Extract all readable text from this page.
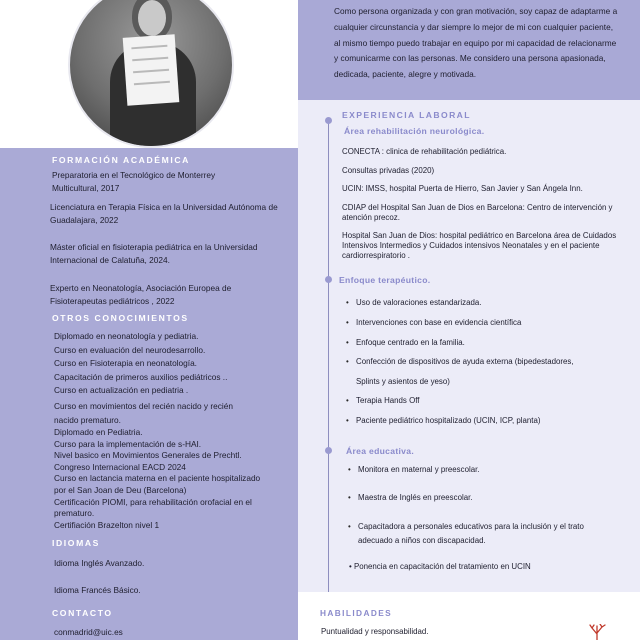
FORMACIÓN ACADÉMICA
Preparatoria en el Tecnológico de Monterrey Multicultural, 2017
Licenciatura en Terapia Física en la Universidad Autónoma de Guadalajara, 2022
Máster oficial en fisioterapia pediátrica en la Universidad Internacional de Calatuña, 2024.
Experto en Neonatología, Asociación Europea de Fisioterapeutas pediátricos , 2022
OTROS CONOCIMIENTOS
Diplomado en neonatología y pediatria.
Curso en evaluación del neurodesarrollo.
Curso en Fisioterapia en neonatología.
Capacitación de primeros auxilios pediátricos ..
Curso en actualización en pediatria .
Curso en movimientos del recién nacido y recién nacido prematuro.
Diplomado en Pediatria.
Curso para la implementación de s-HAI.
Nivel basico en Movimientos Generales de Prechtl.
Congreso Internacional EACD 2024
Curso en lactancia materna en el paciente hospitalizado por el San Joan de Deu (Barcelona)
Certificación PIOMI, para rehabilitación orofacial en el prematuro.
Certifiación Brazelton nivel 1
IDIOMAS
Idioma Inglés Avanzado.
Idioma Francés Básico.
CONTACTO
conmadrid@uic.es
Como persona organizada y con gran motivación, soy capaz de adaptarme a cualquier circunstancia y dar siempre lo mejor de mi con cualquier paciente, al mismo tiempo puedo trabajar en equipo por mi capacidad de relacionarme y comunicarme con las personas. Me considero una persona apasionada, dedicada, paciente, alegre y motivada.
EXPERIENCIA LABORAL
Área rehabilitación neurológica.
CONECTA : clinica de rehabilitación pediátrica.
Consultas privadas (2020)
UCIN: IMSS, hospital Puerta de Hierro, San Javier y San Ángela Inn.
CDIAP del Hospital San Juan de Dios en Barcelona: Centro de intervención y atención precoz.
Hospital San Juan de Dios: hospital pediátrico en Barcelona área de Cuidados Intensivos Intermedios y Cuidados intensivos Neonatales y en el paciente cardiorrespiratorio .
Enfoque terapéutico.
• Uso de valoraciones estandarizada.
• Intervenciones con base en evidencia científica
• Enfoque centrado en la familia.
• Confección de dispositivos de ayuda externa (bipedestadores,
Splints y asientos de yeso)
• Terapia Hands Off
• Paciente pediátrico hospitalizado (UCIN, ICP, planta)
Área educativa.
• Monitora en maternal y preescolar.
• Maestra de Inglés en preescolar.
• Capacitadora a personales educativos para la inclusión y el trato adecuado a niños con discapacidad.
• Ponencia en capacitación del tratamiento en UCIN
HABILIDADES
Puntualidad y responsabilidad.
